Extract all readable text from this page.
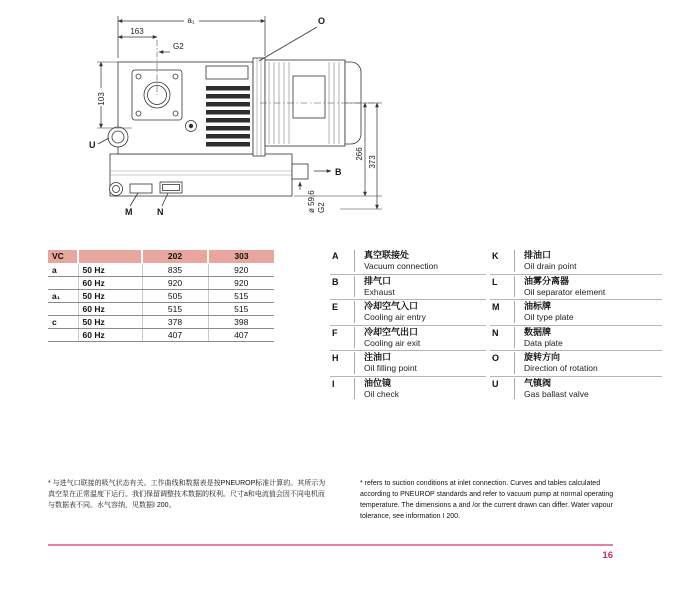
a₁
163
G2
103
266
373
ø 59,6 G2
U
O
B
M	N
VC		202	303
a	50 Hz	835	920
	60 Hz	920	920
a₁	50 Hz	505	515
	60 Hz	515	515
c	50 Hz	378	398
	60 Hz	407	407
A	真空联接处
Vacuum connection
B	排气口
Exhaust
E	冷却空气入口
Cooling air entry
F	冷却空气出口
Cooling air exit
H	注油口
Oil filling point
I	油位镜
Oil check
K	排油口
Oil drain point
L	油雾分离器
Oil separator element
M	油标牌
Oil type plate
N	数据牌
Data plate
O	旋转方向
Direction of rotation
U	气镇阀
Gas ballast valve
* 与进气口联接的吸气状态有关。工作曲线和数据表是按PNEUROP标准计算的。其所示为真空泵在正常温度下运行。我们保留调整技术数据的权利。尺寸a和电流值会因不同电机而与数据表不同。水气容纳，见数据I 200。
* refers to suction conditions at inlet connection. Curves and tables calculated according to PNEUROP standards and refer to vacuum pump at normal operating temperature. The dimensions a and /or the current drawn can differ. Water vapour tolerance, see information I 200.
16
